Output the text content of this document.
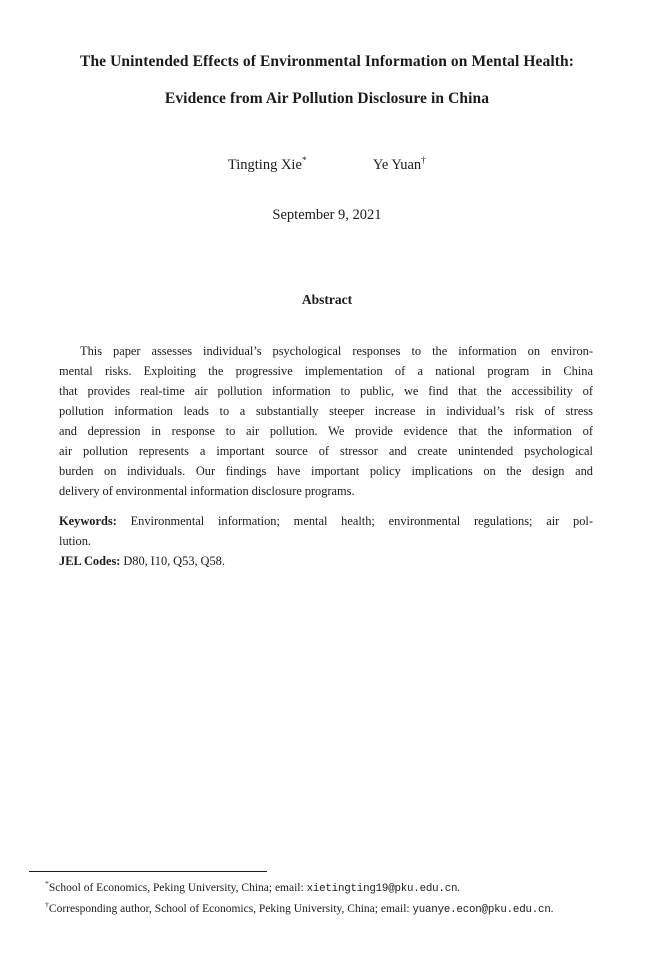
The Unintended Effects of Environmental Information on Mental Health:
Evidence from Air Pollution Disclosure in China
Tingting Xie*	Ye Yuan†
September 9, 2021
Abstract
This paper assesses individual’s psychological responses to the information on environ-
mental risks. Exploiting the progressive implementation of a national program in China
that provides real-time air pollution information to public, we find that the accessibility of
pollution information leads to a substantially steeper increase in individual’s risk of stress
and depression in response to air pollution. We provide evidence that the information of
air pollution represents a important source of stressor and create unintended psychological
burden on individuals. Our findings have important policy implications on the design and
delivery of environmental information disclosure programs.
Keywords: Environmental information; mental health; environmental regulations; air pol-
lution.
JEL Codes: D80, I10, Q53, Q58.
*School of Economics, Peking University, China; email: xietingting19@pku.edu.cn.
†Corresponding author, School of Economics, Peking University, China; email: yuanye.econ@pku.edu.cn.
